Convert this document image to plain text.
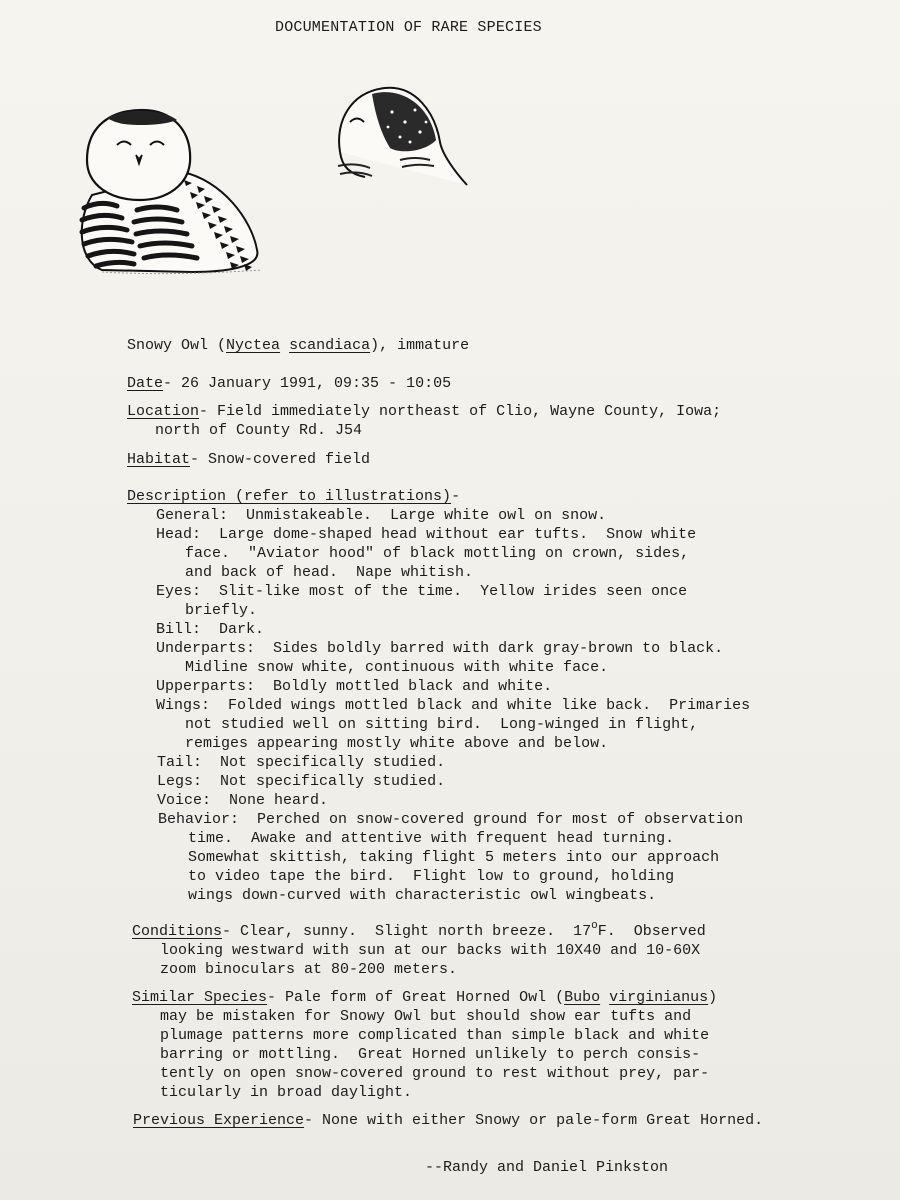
DOCUMENTATION OF RARE SPECIES
Snowy Owl (Nyctea scandiaca), immature
Date- 26 January 1991, 09:35 - 10:05
Location- Field immediately northeast of Clio, Wayne County, Iowa;
north of County Rd. J54
Habitat- Snow-covered field
Description (refer to illustrations)-
General: Unmistakeable.  Large white owl on snow.
Head: Large dome-shaped head without ear tufts.  Snow white
face.  "Aviator hood" of black mottling on crown, sides,
and back of head.  Nape whitish.
Eyes: Slit-like most of the time.  Yellow irides seen once
briefly.
Bill: Dark.
Underparts: Sides boldly barred with dark gray-brown to black.
Midline snow white, continuous with white face.
Upperparts: Boldly mottled black and white.
Wings: Folded wings mottled black and white like back.  Primaries
not studied well on sitting bird.  Long-winged in flight,
remiges appearing mostly white above and below.
Tail: Not specifically studied.
Legs: Not specifically studied.
Voice: None heard.
Behavior: Perched on snow-covered ground for most of observation
time.  Awake and attentive with frequent head turning.
Somewhat skittish, taking flight 5 meters into our approach
to video tape the bird.  Flight low to ground, holding
wings down-curved with characteristic owl wingbeats.
Conditions- Clear, sunny.  Slight north breeze.  17$^o$F.  Observed
looking westward with sun at our backs with 10X40 and 10-60X
zoom binoculars at 80-200 meters.
Similar Species- Pale form of Great Horned Owl (Bubo virginianus)
may be mistaken for Snowy Owl but should show ear tufts and
plumage patterns more complicated than simple black and white
barring or mottling.  Great Horned unlikely to perch consis-
tently on open snow-covered ground to rest without prey, par-
ticularly in broad daylight.
Previous Experience- None with either Snowy or pale-form Great Horned.
--Randy and Daniel Pinkston
